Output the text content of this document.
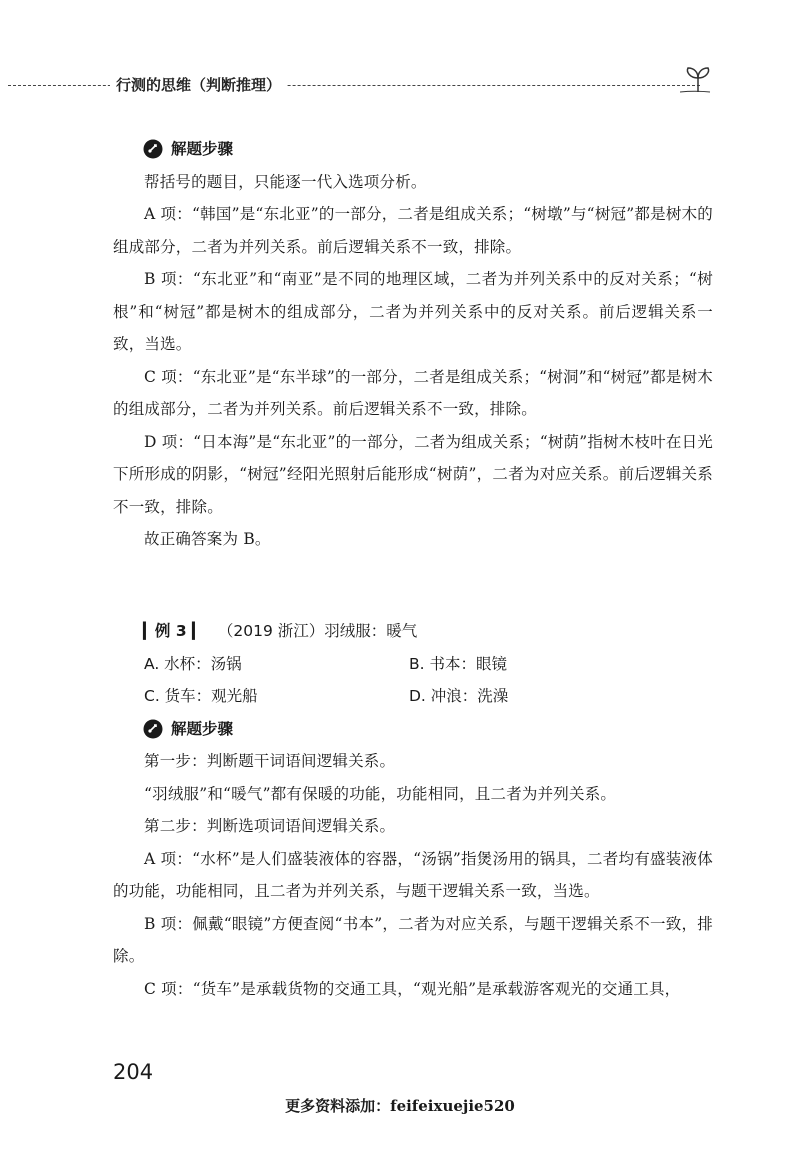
行测的思维（判断推理）
解题步骤

帮括号的题目，只能逐一代入选项分析。

A 项：“韩国”是“东北亚”的一部分，二者是组成关系；“树墩”与“树冠”都是树木的组成部分，二者为并列关系。前后逻辑关系不一致，排除。

B 项：“东北亚”和“南亚”是不同的地理区域，二者为并列关系中的反对关系；“树根”和“树冠”都是树木的组成部分，二者为并列关系中的反对关系。前后逻辑关系一致，当选。

C 项：“东北亚”是“东半球”的一部分，二者是组成关系；“树洞”和“树冠”都是树木的组成部分，二者为并列关系。前后逻辑关系不一致，排除。

D 项：“日本海”是“东北亚”的一部分，二者为组成关系；“树荫”指树木枝叶在日光下所形成的阴影，“树冠”经阳光照射后能形成“树荫”，二者为对应关系。前后逻辑关系不一致，排除。

故正确答案为 B。

▎例 3 ▎ （2019 浙江）羽绒服：暖气
A. 水杯：汤锅	B. 书本：眼镜
C. 货车：观光船	D. 冲浪：洗澡
解题步骤

第一步：判断题干词语间逻辑关系。

“羽绒服”和“暖气”都有保暖的功能，功能相同，且二者为并列关系。

第二步：判断选项词语间逻辑关系。

A 项：“水杯”是人们盛装液体的容器，“汤锅”指煲汤用的锅具，二者均有盛装液体的功能，功能相同，且二者为并列关系，与题干逻辑关系一致，当选。

B 项：佩戴“眼镜”方便查阅“书本”，二者为对应关系，与题干逻辑关系不一致，排除。

C 项：“货车”是承载货物的交通工具，“观光船”是承载游客观光的交通工具，

204
更多资料添加：feifeixuejie520
